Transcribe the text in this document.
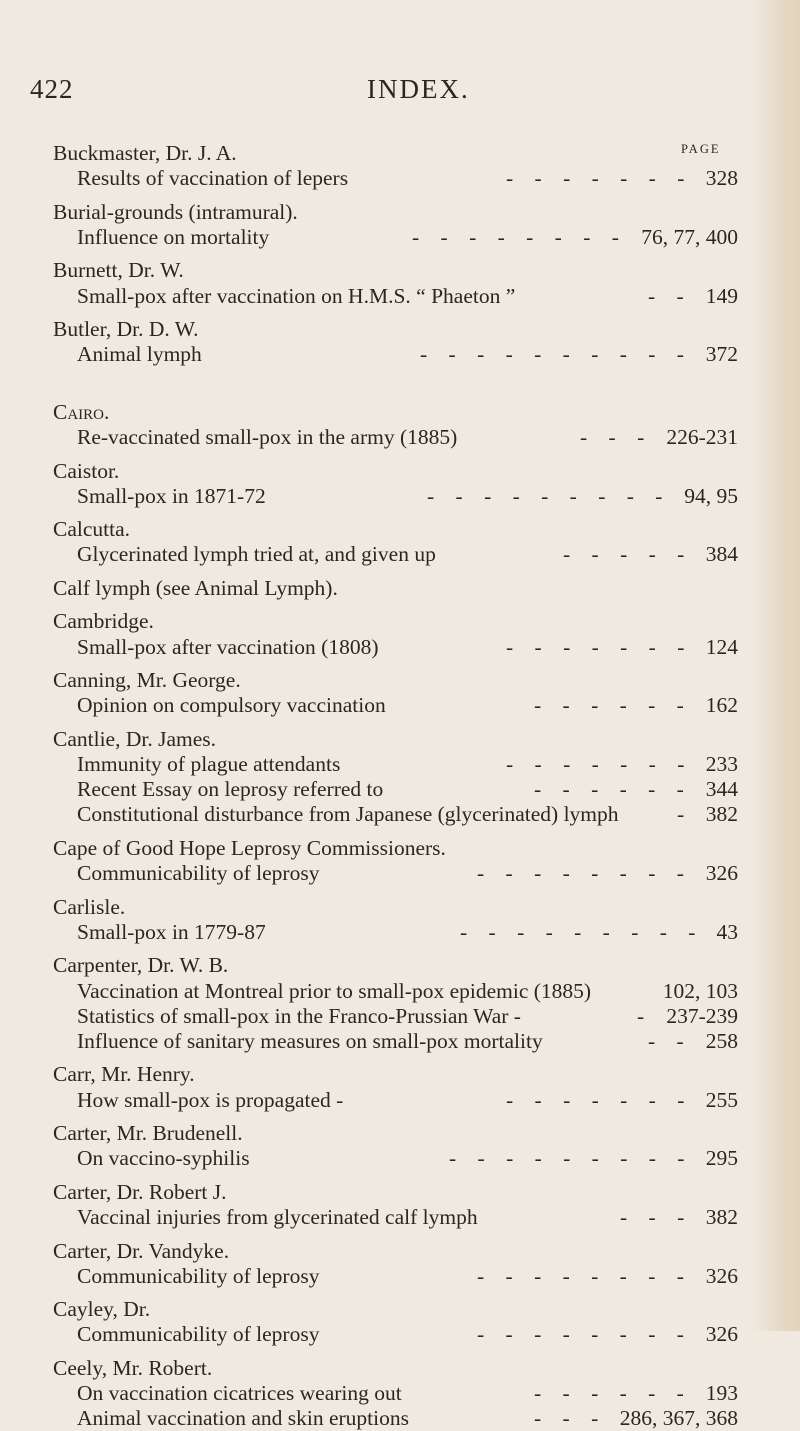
422	INDEX.
PAGE
Buckmaster, Dr. J. A.
Results of vaccination of lepers	- - - - - - - 328
Burial-grounds (intramural).
Influence on mortality	- - - - - - - - 76, 77, 400
Burnett, Dr. W.
Small-pox after vaccination on H.M.S. “ Phaeton ”	- - 149
Butler, Dr. D. W.
Animal lymph	- - - - - - - - - - 372
Cairo.
Re-vaccinated small-pox in the army (1885)	- - - 226-231
Caistor.
Small-pox in 1871-72	- - - - - - - - - 94, 95
Calcutta.
Glycerinated lymph tried at, and given up	- - - - - 384
Calf lymph (see Animal Lymph).
Cambridge.
Small-pox after vaccination (1808)	- - - - - - - 124
Canning, Mr. George.
Opinion on compulsory vaccination	- - - - - - 162
Cantlie, Dr. James.
Immunity of plague attendants	- - - - - - - 233
Recent Essay on leprosy referred to	- - - - - - 344
Constitutional disturbance from Japanese (glycerinated) lymph	- 382
Cape of Good Hope Leprosy Commissioners.
Communicability of leprosy	- - - - - - - - 326
Carlisle.
Small-pox in 1779-87	- - - - - - - - - 43
Carpenter, Dr. W. B.
Vaccination at Montreal prior to small-pox epidemic (1885)	102, 103
Statistics of small-pox in the Franco-Prussian War -	- 237-239
Influence of sanitary measures on small-pox mortality	- - 258
Carr, Mr. Henry.
How small-pox is propagated -	- - - - - - - 255
Carter, Mr. Brudenell.
On vaccino-syphilis	- - - - - - - - - 295
Carter, Dr. Robert J.
Vaccinal injuries from glycerinated calf lymph	- - - 382
Carter, Dr. Vandyke.
Communicability of leprosy	- - - - - - - - 326
Cayley, Dr.
Communicability of leprosy	- - - - - - - - 326
Ceely, Mr. Robert.
On vaccination cicatrices wearing out	- - - - - - 193
Animal vaccination and skin eruptions	- - - 286, 367, 368
